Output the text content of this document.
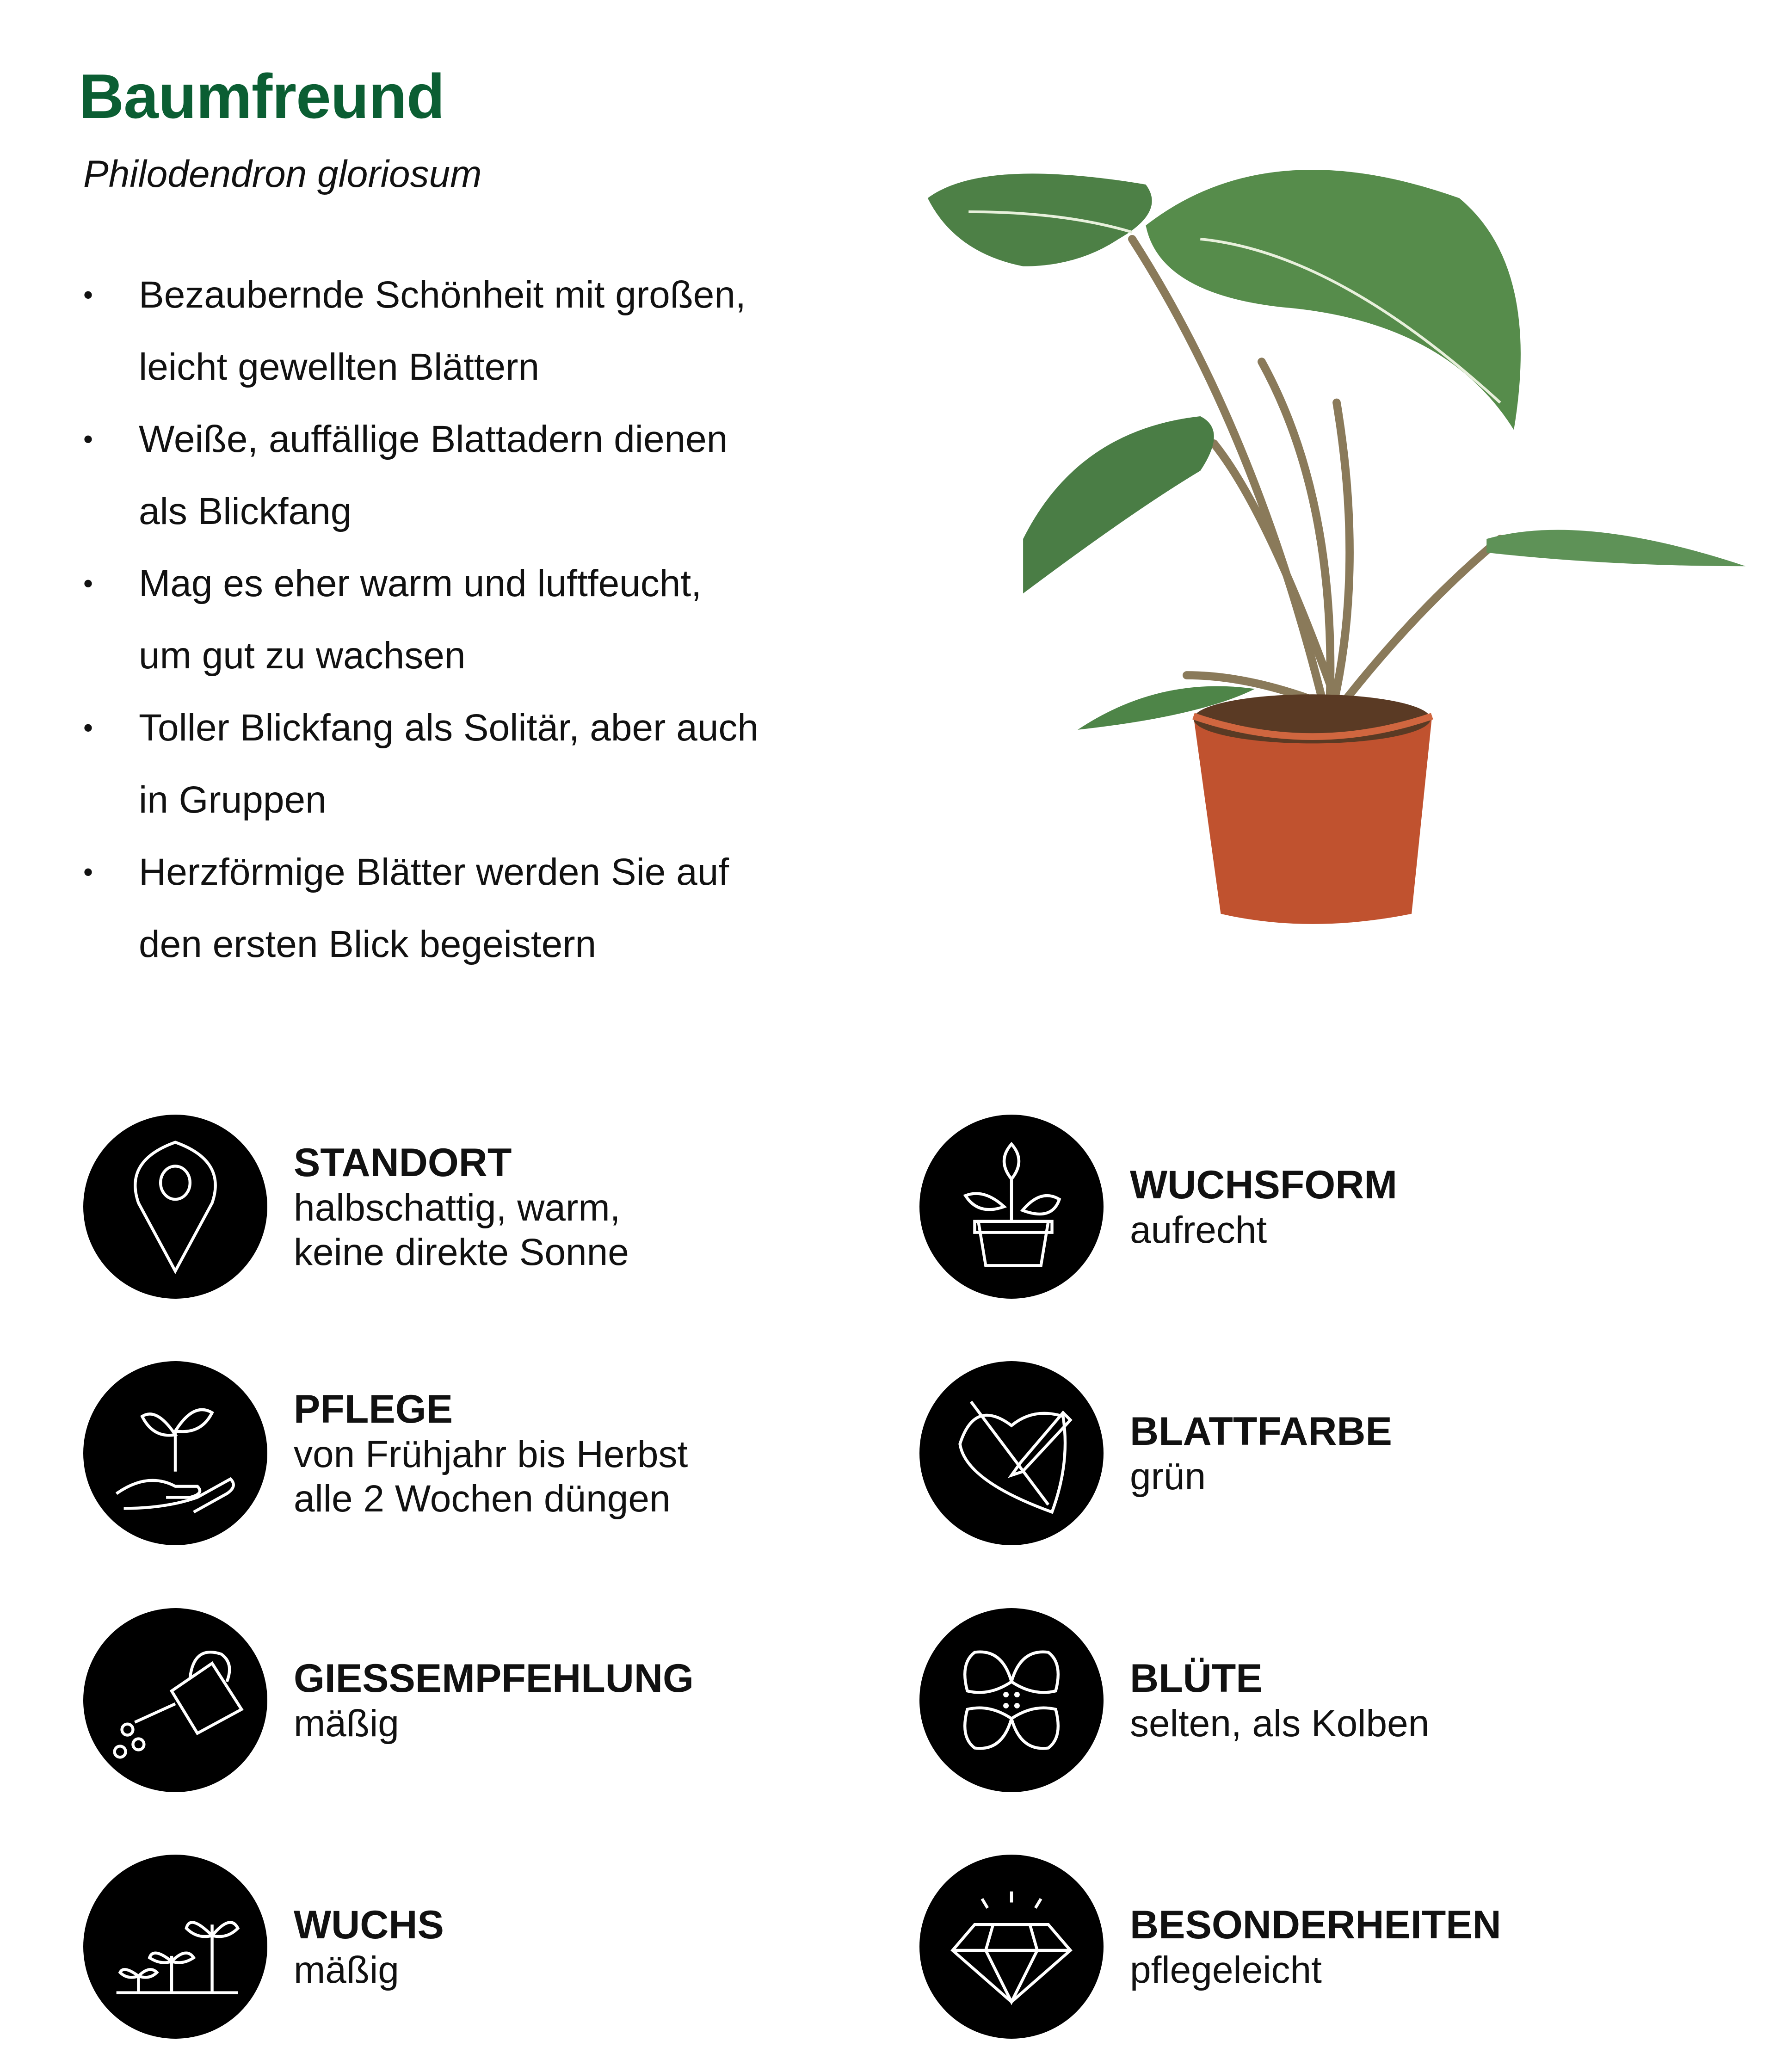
Baumfreund
Philodendron gloriosum
• Bezaubernde Schönheit mit großen,
leicht gewellten Blättern
• Weiße, auffällige Blattadern dienen
als Blickfang
• Mag es eher warm und luftfeucht,
um gut zu wachsen
• Toller Blickfang als Solitär, aber auch
in Gruppen
• Herzförmige Blätter werden Sie auf
den ersten Blick begeistern
STANDORT
halbschattig, warm,
keine direkte Sonne
PFLEGE
von Frühjahr bis Herbst
alle 2 Wochen düngen
GIESSEMPFEHLUNG
mäßig
WUCHS
mäßig
WUCHSFORM
aufrecht
BLATTFARBE
grün
BLÜTE
selten, als Kolben
BESONDERHEITEN
pflegeleicht
